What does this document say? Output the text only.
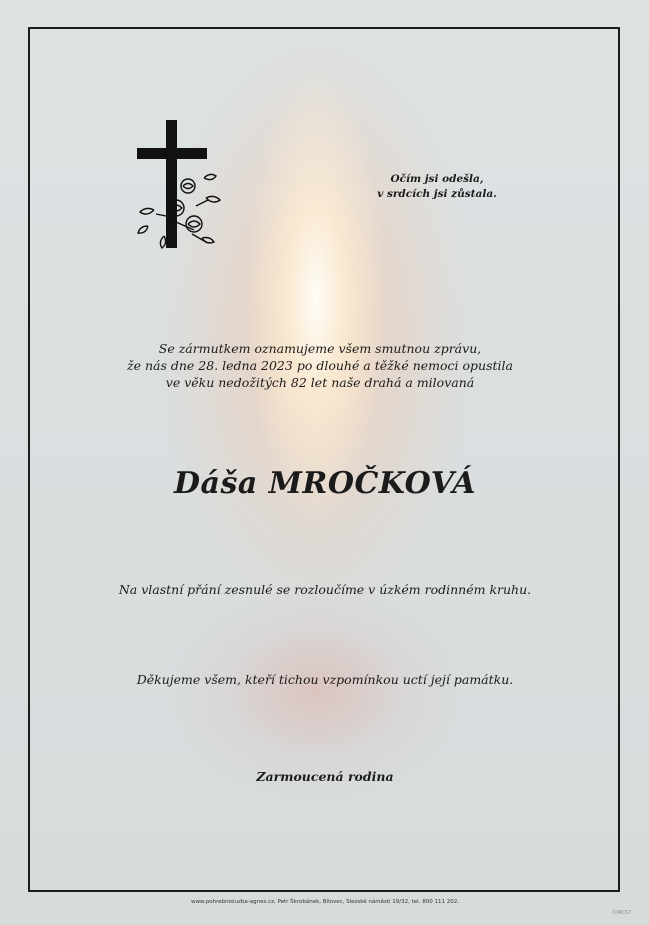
Očím jsi odešla,
v srdcích jsi zůstala.
Se zármutkem oznamujeme všem smutnou zprávu,
že nás dne 28. ledna 2023 po dlouhé a těžké nemoci opustila
ve věku nedožitých 82 let naše drahá a milovaná
Dáša MROČKOVÁ
Na vlastní přání zesnulé se rozloučíme v úzkém rodinném kruhu.
Děkujeme všem, kteří tichou vzpomínkou uctí její památku.
Zarmoucená rodina
www.pohrebnisluzba-agnes.cz, Petr Škrobánek, Bílovec, Slezské náměstí 19/32, tel. 800 111 202.
©MCS7
